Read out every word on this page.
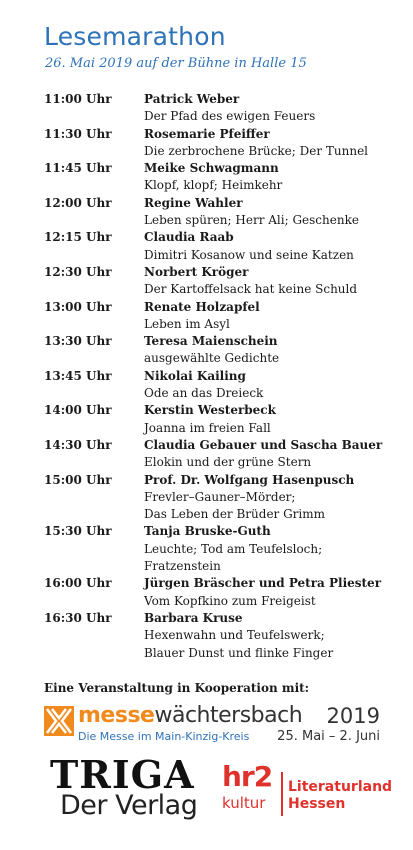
Lesemarathon
26. Mai 2019 auf der Bühne in Halle 15
11:00 Uhr	Patrick Weber
Der Pfad des ewigen Feuers
11:30 Uhr	Rosemarie Pfeiffer
Die zerbrochene Brücke; Der Tunnel
11:45 Uhr	Meike Schwagmann
Klopf, klopf; Heimkehr
12:00 Uhr	Regine Wahler
Leben spüren; Herr Ali; Geschenke
12:15 Uhr	Claudia Raab
Dimitri Kosanow und seine Katzen
12:30 Uhr	Norbert Kröger
Der Kartoffelsack hat keine Schuld
13:00 Uhr	Renate Holzapfel
Leben im Asyl
13:30 Uhr	Teresa Maienschein
ausgewählte Gedichte
13:45 Uhr	Nikolai Kailing
Ode an das Dreieck
14:00 Uhr	Kerstin Westerbeck
Joanna im freien Fall
14:30 Uhr	Claudia Gebauer und Sascha Bauer
Elokin und der grüne Stern
15:00 Uhr	Prof. Dr. Wolfgang Hasenpusch
Frevler–Gauner–Mörder;
Das Leben der Brüder Grimm
15:30 Uhr	Tanja Bruske-Guth
Leuchte; Tod am Teufelsloch;
Fratzenstein
16:00 Uhr	Jürgen Bräscher und Petra Pliester
Vom Kopfkino zum Freigeist
16:30 Uhr	Barbara Kruse
Hexenwahn und Teufelswerk;
Blauer Dunst und flinke Finger
Eine Veranstaltung in Kooperation mit:
messewächtersbach 2019
Die Messe im Main-Kinzig-Kreis 25. Mai – 2. Juni
TRIGA
Der Verlag
hr2
kultur
Literaturland
Hessen
